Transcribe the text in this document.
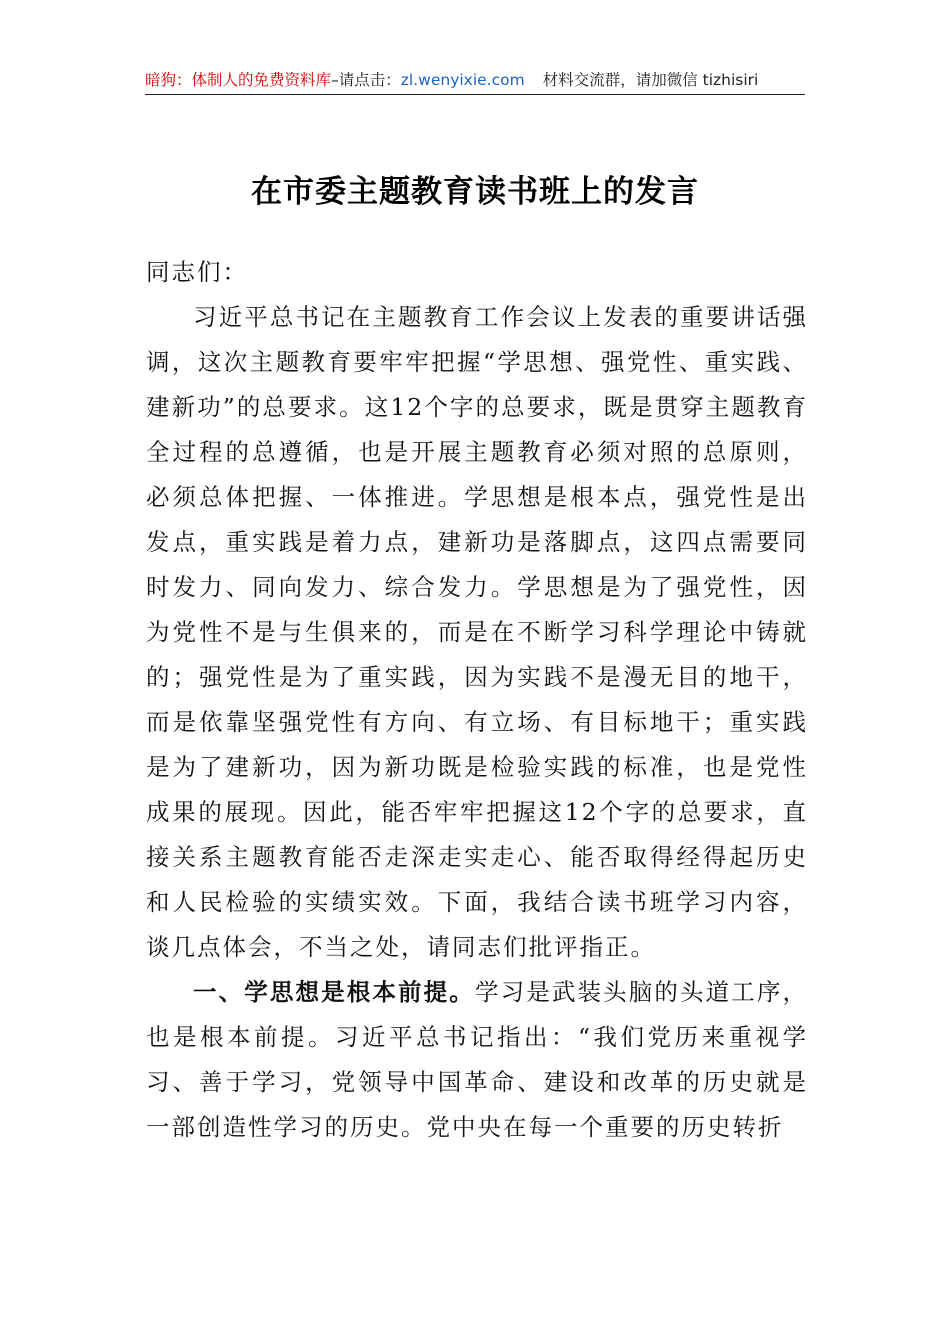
暗狗：体制人的免费资料库–请点击：zl.wenyixie.com 材料交流群，请加微信 tizhisiri
在市委主题教育读书班上的发言

同志们：

习近平总书记在主题教育工作会议上发表的重要讲话强调，这次主题教育要牢牢把握“学思想、强党性、重实践、建新功”的总要求。这12个字的总要求，既是贯穿主题教育全过程的总遵循，也是开展主题教育必须对照的总原则，必须总体把握、一体推进。学思想是根本点，强党性是出发点，重实践是着力点，建新功是落脚点，这四点需要同时发力、同向发力、综合发力。学思想是为了强党性，因为党性不是与生俱来的，而是在不断学习科学理论中铸就的；强党性是为了重实践，因为实践不是漫无目的地干，而是依靠坚强党性有方向、有立场、有目标地干；重实践是为了建新功，因为新功既是检验实践的标准，也是党性成果的展现。因此，能否牢牢把握这12个字的总要求，直接关系主题教育能否走深走实走心、能否取得经得起历史和人民检验的实绩实效。下面，我结合读书班学习内容，谈几点体会，不当之处，请同志们批评指正。

一、学思想是根本前提。学习是武装头脑的头道工序，也是根本前提。习近平总书记指出：“我们党历来重视学习、善于学习，党领导中国革命、建设和改革的历史就是一部创造性学习的历史。党中央在每一个重要的历史转折
